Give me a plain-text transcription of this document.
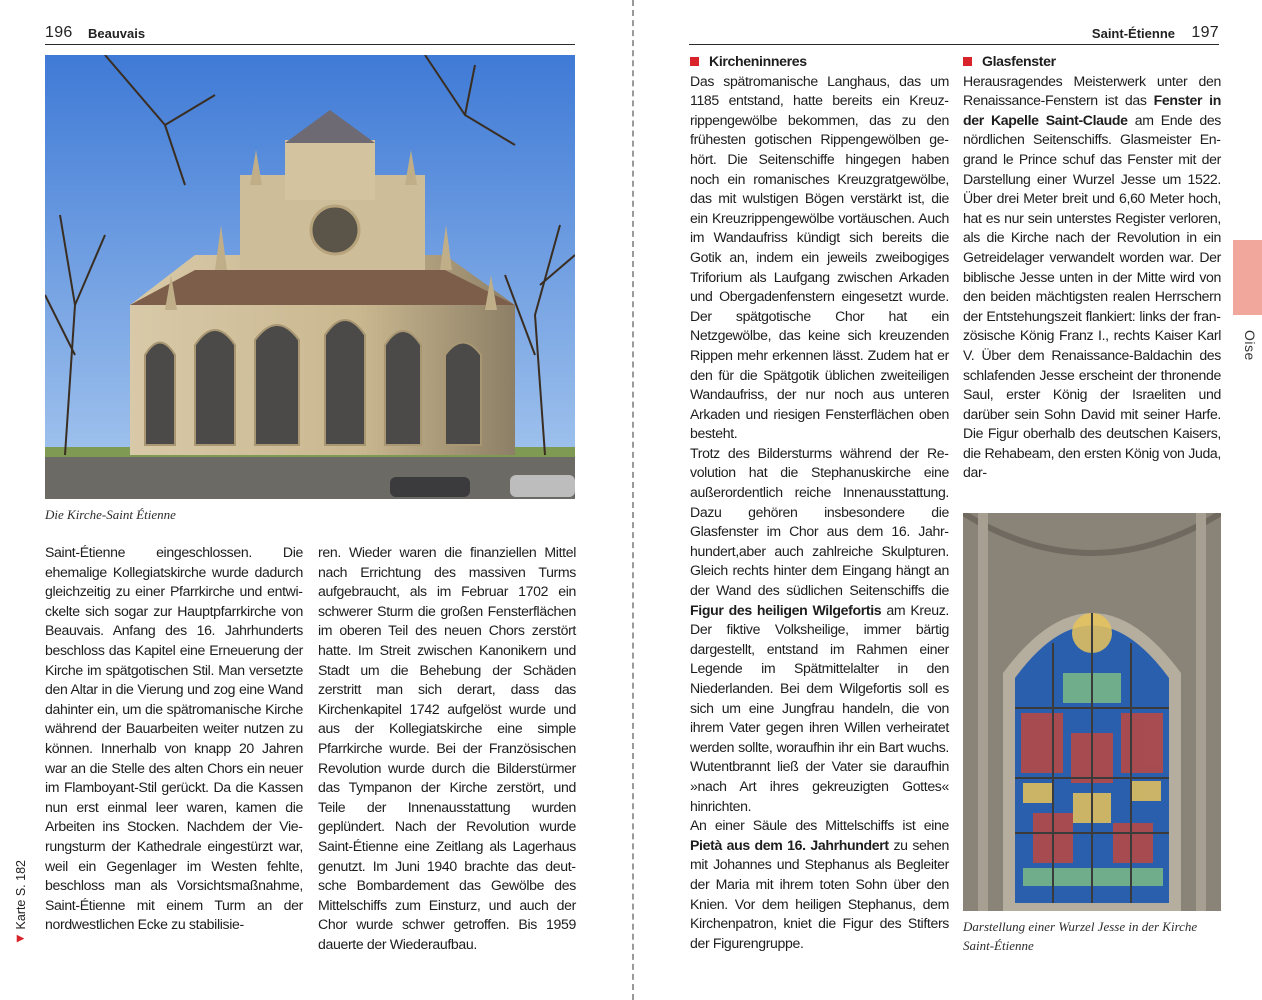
196 Beauvais
Die Kirche-Saint Étienne

Saint-Étienne eingeschlossen. Die ehemalige Kollegiatskirche wurde dadurch gleichzeitig zu einer Pfarrkirche und entwickelte sich sogar zur Hauptpfarrkirche von Beauvais. Anfang des 16. Jahrhunderts beschloss das Kapitel eine Erneuerung der Kirche im spätgotischen Stil. Man versetzte den Altar in die Vierung und zog eine Wand dahinter ein, um die spätromanische Kirche während der Bauarbeiten weiter nutzen zu können. Innerhalb von knapp 20 Jahren war an die Stelle des alten Chors ein neuer im Flamboyant-Stil gerückt. Da die Kassen nun erst einmal leer waren, kamen die Arbeiten ins Stocken. Nachdem der Vierungsturm der Kathedrale eingestürzt war, weil ein Gegenlager im Westen fehlte, beschloss man als Vorsichtsmaßnahme, Saint-Étienne mit einem Turm an der nordwestlichen Ecke zu stabilisie-

ren. Wieder waren die finanziellen Mittel nach Errichtung des massiven Turms aufgebraucht, als im Februar 1702 ein schwerer Sturm die großen Fensterflächen im oberen Teil des neuen Chors zerstört hatte. Im Streit zwischen Kanonikern und Stadt um die Behebung der Schäden zerstritt man sich derart, dass das Kirchenkapitel 1742 aufgelöst wurde und aus der Kollegiatskirche eine simple Pfarrkirche wurde. Bei der Französischen Revolution wurde durch die Bilderstürmer das Tympanon der Kirche zerstört, und Teile der Innenausstattung wurden geplündert. Nach der Revolution wurde Saint-Étienne eine Zeitlang als Lagerhaus genutzt. Im Juni 1940 brachte das deutsche Bombardement das Gewölbe des Mittelschiffs zum Einsturz, und auch der Chor wurde schwer getroffen. Bis 1959 dauerte der Wiederaufbau.

◀ Karte S. 182
Saint-Étienne 197
Kircheninneres

Das spätromanische Langhaus, das um 1185 entstand, hatte bereits ein Kreuzrippengewölbe bekommen, das zu den frühesten gotischen Rippengewölben gehört. Die Seitenschiffe hingegen haben noch ein romanisches Kreuzgratgewölbe, das mit wulstigen Bögen verstärkt ist, die ein Kreuzrippengewölbe vortäuschen. Auch im Wandaufriss kündigt sich bereits die Gotik an, indem ein jeweils zweibogiges Triforium als Laufgang zwischen Arkaden und Obergadenfenstern eingesetzt wurde. Der spätgotische Chor hat ein Netzgewölbe, das keine sich kreuzenden Rippen mehr erkennen lässt. Zudem hat er den für die Spätgotik üblichen zweiteiligen Wandaufriss, der nur noch aus unteren Arkaden und riesigen Fensterflächen oben besteht.

Trotz des Bildersturms während der Revolution hat die Stephanuskirche eine außerordentlich reiche Innenausstattung. Dazu gehören insbesondere die Glasfenster im Chor aus dem 16. Jahrhundert,aber auch zahlreiche Skulpturen. Gleich rechts hinter dem Eingang hängt an der Wand des südlichen Seitenschiffs die Figur des heiligen Wilgefortis am Kreuz. Der fiktive Volksheilige, immer bärtig dargestellt, entstand im Rahmen einer Legende im Spätmittelalter in den Niederlanden. Bei dem Wilgefortis soll es sich um eine Jungfrau handeln, die von ihrem Vater gegen ihren Willen verheiratet werden sollte, woraufhin ihr ein Bart wuchs. Wutentbrannt ließ der Vater sie daraufhin »nach Art ihres gekreuzigten Gottes« hinrichten.

An einer Säule des Mittelschiffs ist eine Pietà aus dem 16. Jahrhundert zu sehen mit Johannes und Stephanus als Begleiter der Maria mit ihrem toten Sohn über den Knien. Vor dem heiligen Stephanus, dem Kirchenpatron, kniet die Figur des Stifters der Figurengruppe.

Glasfenster

Herausragendes Meisterwerk unter den Renaissance-Fenstern ist das Fenster in der Kapelle Saint-Claude am Ende des nördlichen Seitenschiffs. Glasmeister Engrand le Prince schuf das Fenster mit der Darstellung einer Wurzel Jesse um 1522. Über drei Meter breit und 6,60 Meter hoch, hat es nur sein unterstes Register verloren, als die Kirche nach der Revolution in ein Getreidelager verwandelt worden war. Der biblische Jesse unten in der Mitte wird von den beiden mächtigsten realen Herrschern der Entstehungszeit flankiert: links der französische König Franz I., rechts Kaiser Karl V. Über dem Renaissance-Baldachin des schlafenden Jesse erscheint der thronende Saul, erster König der Israeliten und darüber sein Sohn David mit seiner Harfe. Die Figur oberhalb des deutschen Kaisers, die Rehabeam, den ersten König von Juda, dar-

Darstellung einer Wurzel Jesse in der Kirche Saint-Étienne
Oise
